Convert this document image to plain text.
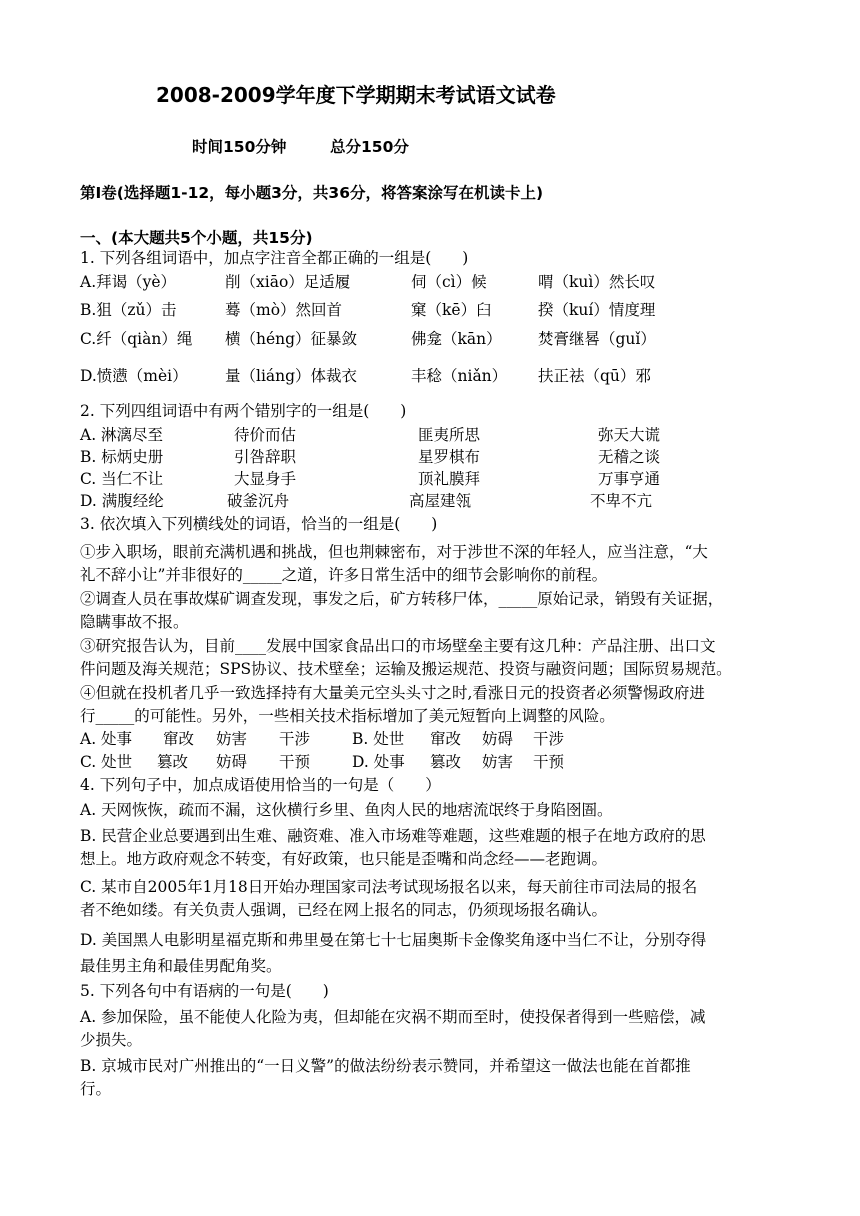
2008-2009学年度下学期期末考试语文试卷
时间150分钟	总分150分
第Ⅰ卷(选择题1-12，每小题3分，共36分，将答案涂写在机读卡上)
一、(本大题共5个小题，共15分)
1. 下列各组词语中，加点字注音全都正确的一组是(　　)
A.拜谒（yè）	削（xiāo）足适履	伺（cì）候	喟（kuì）然长叹
B.狙（zǔ）击	蓦（mò）然回首	窠（kē）臼	揆（kuí）情度理
C.纤（qiàn）绳 横（héng）征暴敛	佛龛（kān） 焚膏继晷（guǐ）
D.愤懑（mèi） 量（liáng）体裁衣	丰稔（niǎn） 扶正祛（qū）邪
2. 下列四组词语中有两个错别字的一组是(　　)
A. 淋漓尽至	待价而估	匪夷所思	弥天大谎
B. 标炳史册	引咎辞职	星罗棋布	无稽之谈
C. 当仁不让	大显身手	顶礼膜拜	万事亨通
D. 满腹经纶	破釜沉舟	高屋建瓴	不卑不亢
3. 依次填入下列横线处的词语，恰当的一组是(　　)
①步入职场，眼前充满机遇和挑战，但也荆棘密布，对于涉世不深的年轻人，应当注意，“大
礼不辞小让”并非很好的_____之道，许多日常生活中的细节会影响你的前程。
②调查人员在事故煤矿调查发现，事发之后，矿方转移尸体，_____原始记录，销毁有关证据，
隐瞒事故不报。
③研究报告认为，目前____发展中国家食品出口的市场壁垒主要有这几种：产品注册、出口文
件问题及海关规范；SPS协议、技术壁垒；运输及搬运规范、投资与融资问题；国际贸易规范。
④但就在投机者几乎一致选择持有大量美元空头头寸之时,看涨日元的投资者必须警惕政府进
行_____的可能性。另外，一些相关技术指标增加了美元短暂向上调整的风险。
A. 处事 窜改 妨害 干涉	B. 处世 窜改 妨碍 干涉
C. 处世 篡改 妨碍 干预	D. 处事 篡改 妨害 干预
4. 下列句子中，加点成语使用恰当的一句是（　　）
A. 天网恢恢，疏而不漏，这伙横行乡里、鱼肉人民的地痞流氓终于身陷囹圄。
B. 民营企业总要遇到出生难、融资难、准入市场难等难题，这些难题的根子在地方政府的思
想上。地方政府观念不转变，有好政策，也只能是歪嘴和尚念经——老跑调。
C. 某市自2005年1月18日开始办理国家司法考试现场报名以来，每天前往市司法局的报名
者不绝如缕。有关负责人强调，已经在网上报名的同志，仍须现场报名确认。
D. 美国黑人电影明星福克斯和弗里曼在第七十七届奥斯卡金像奖角逐中当仁不让，分别夺得
最佳男主角和最佳男配角奖。
5. 下列各句中有语病的一句是(　　)
A. 参加保险，虽不能使人化险为夷，但却能在灾祸不期而至时，使投保者得到一些赔偿，减
少损失。
B. 京城市民对广州推出的“一日义警”的做法纷纷表示赞同，并希望这一做法也能在首都推
行。
